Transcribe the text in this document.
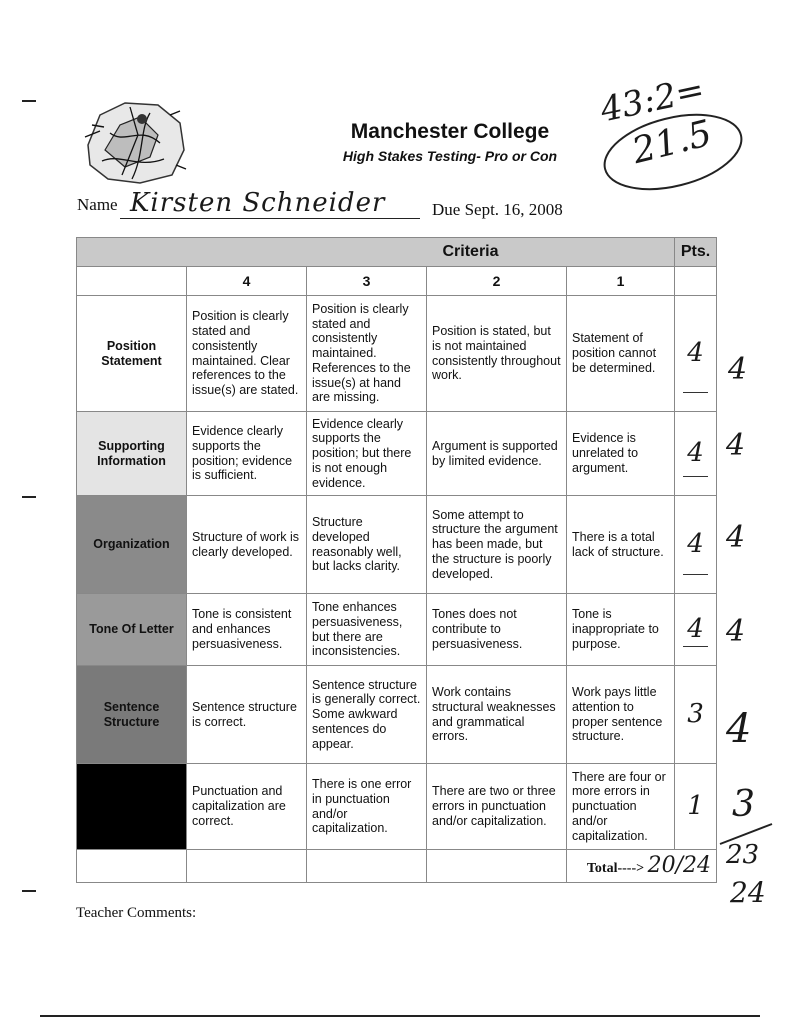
Manchester College
High Stakes Testing- Pro or Con
43:2=
21.5
Name Kirsten Schneider	Due Sept. 16, 2008
Criteria					Pts.
	4	3	2	1	
Position Statement	Position is clearly stated and consistently maintained. Clear references to the issue(s) are stated.	Position is clearly stated and consistently maintained. References to the issue(s) at hand are missing.	Position is stated, but is not maintained consistently throughout work.	Statement of position cannot be determined.	4

Supporting Information	Evidence clearly supports the position; evidence is sufficient.	Evidence clearly supports the position; but there is not enough evidence.	Argument is supported by limited evidence.	Evidence is unrelated to argument.	4

Organization	Structure of work is clearly developed.	Structure developed reasonably well, but lacks clarity.	Some attempt to structure the argument has been made, but the structure is poorly developed.	There is a total lack of structure.	4

Tone Of Letter	Tone is consistent and enhances persuasiveness.	Tone enhances persuasiveness, but there are inconsistencies.	Tones does not contribute to persuasiveness.	Tone is inappropriate to purpose.	4

Sentence Structure	Sentence structure is correct.	Sentence structure is generally correct. Some awkward sentences do appear.	Work contains structural weaknesses and grammatical errors.	Work pays little attention to proper sentence structure.	3
	Punctuation and capitalization are correct.	There is one error in punctuation and/or capitalization.	There are two or three errors in punctuation and/or capitalization.	There are four or more errors in punctuation and/or capitalization.	1
				Total----> 20/24	
4
4
4
4
4
3
23
24
Teacher Comments:
